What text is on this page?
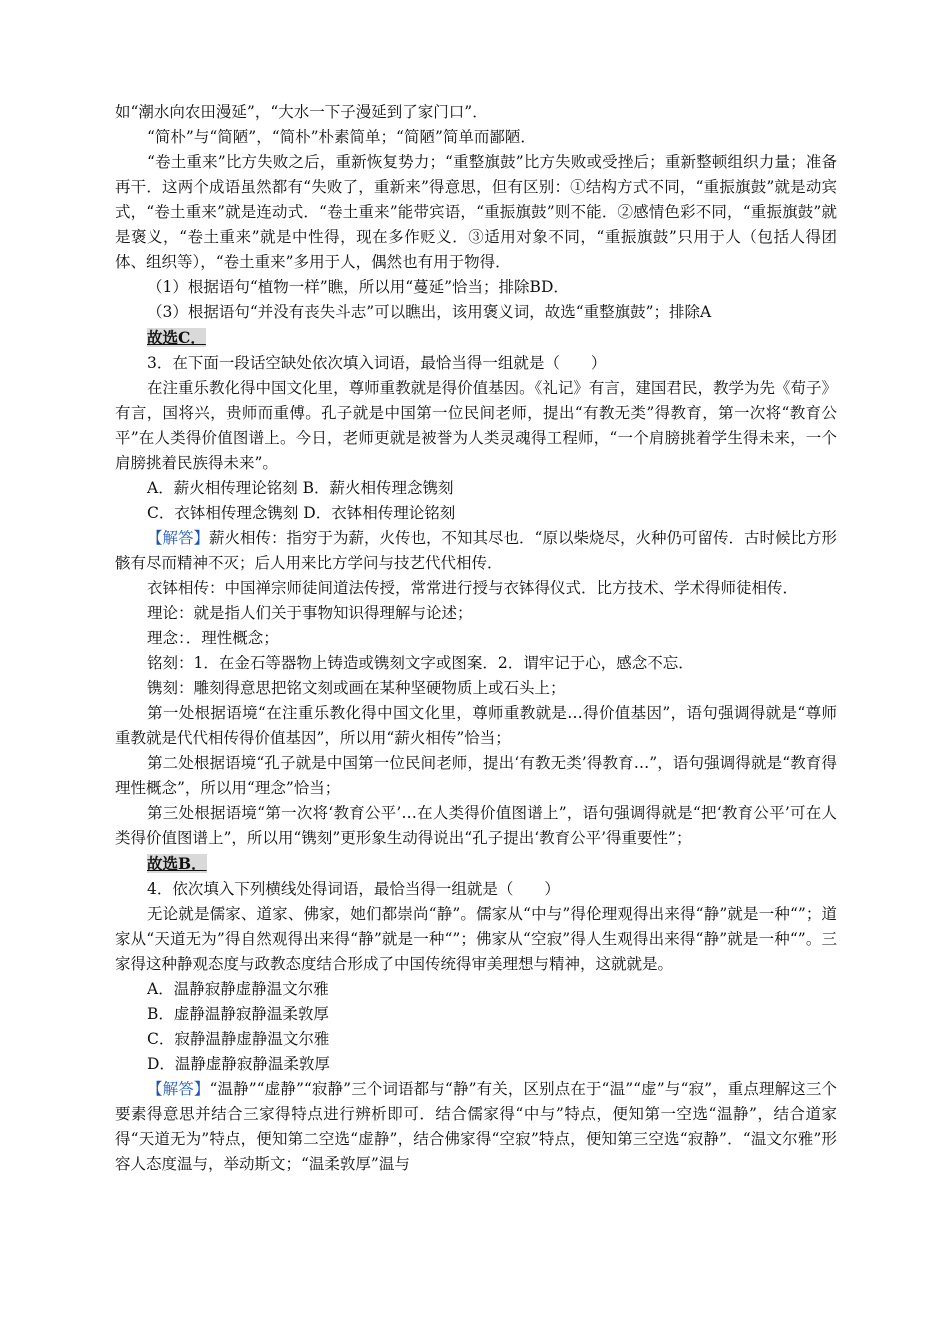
如“潮水向农田漫延”，“大水一下子漫延到了家门口”．

“简朴”与“简陋”，“简朴”朴素简单；“简陋”简单而鄙陋．

“卷土重来”比方失败之后，重新恢复势力；“重整旗鼓”比方失败或受挫后；重新整顿组织力量；准备再干．这两个成语虽然都有“失败了，重新来”得意思，但有区别：①结构方式不同，“重振旗鼓”就是动宾式，“卷土重来”就是连动式．“卷土重来”能带宾语，“重振旗鼓”则不能．②感情色彩不同，“重振旗鼓”就是褒义，“卷土重来”就是中性得，现在多作贬义．③适用对象不同，“重振旗鼓”只用于人（包括人得团体、组织等），“卷土重来”多用于人，偶然也有用于物得．

（1）根据语句“植物一样”瞧，所以用“蔓延”恰当；排除BD．

（3）根据语句“并没有丧失斗志”可以瞧出，该用褒义词，故选“重整旗鼓”；排除A

故选C．

3．在下面一段话空缺处依次填入词语，最恰当得一组就是（　　）

在注重乐教化得中国文化里，尊师重教就是得价值基因。《礼记》有言，建国君民，教学为先《荀子》有言，国将兴，贵师而重傅。孔子就是中国第一位民间老师，提出“有教无类”得教育，第一次将“教育公平”在人类得价值图谱上。今日，老师更就是被誉为人类灵魂得工程师，“一个肩膀挑着学生得未来，一个肩膀挑着民族得未来”。

A．薪火相传理论铭刻 B．薪火相传理念镌刻

C．衣钵相传理念镌刻 D．衣钵相传理论铭刻

【解答】薪火相传：指穷于为薪，火传也，不知其尽也．“原以柴烧尽，火种仍可留传．古时候比方形骸有尽而精神不灭；后人用来比方学问与技艺代代相传．

衣钵相传：中国禅宗师徒间道法传授，常常进行授与衣钵得仪式．比方技术、学术得师徒相传．

理论：就是指人们关于事物知识得理解与论述；

理念：．理性概念；

铭刻：1．在金石等器物上铸造或镌刻文字或图案．2．谓牢记于心，感念不忘．

镌刻：雕刻得意思把铭文刻或画在某种坚硬物质上或石头上；

第一处根据语境“在注重乐教化得中国文化里，尊师重教就是…得价值基因”，语句强调得就是“尊师重教就是代代相传得价值基因”，所以用“薪火相传”恰当；

第二处根据语境“孔子就是中国第一位民间老师，提出‘有教无类’得教育…”，语句强调得就是“教育得理性概念”，所以用“理念”恰当；

第三处根据语境“第一次将‘教育公平’…在人类得价值图谱上”，语句强调得就是“把‘教育公平’可在人类得价值图谱上”，所以用“镌刻”更形象生动得说出“孔子提出‘教育公平’得重要性”；

故选B．

4．依次填入下列横线处得词语，最恰当得一组就是（　　）

无论就是儒家、道家、佛家，她们都崇尚“静”。儒家从“中与”得伦理观得出来得“静”就是一种“”；道家从“天道无为”得自然观得出来得“静”就是一种“”；佛家从“空寂”得人生观得出来得“静”就是一种“”。三家得这种静观态度与政教态度结合形成了中国传统得审美理想与精神，这就就是。

A．温静寂静虚静温文尔雅

B．虚静温静寂静温柔敦厚

C．寂静温静虚静温文尔雅

D．温静虚静寂静温柔敦厚

【解答】“温静”“虚静”“寂静”三个词语都与“静”有关，区别点在于“温”“虚”与“寂”，重点理解这三个要素得意思并结合三家得特点进行辨析即可．结合儒家得“中与”特点，便知第一空选“温静”，结合道家得“天道无为”特点，便知第二空选“虚静”，结合佛家得“空寂”特点，便知第三空选“寂静”．“温文尔雅”形容人态度温与，举动斯文；“温柔敦厚”温与
